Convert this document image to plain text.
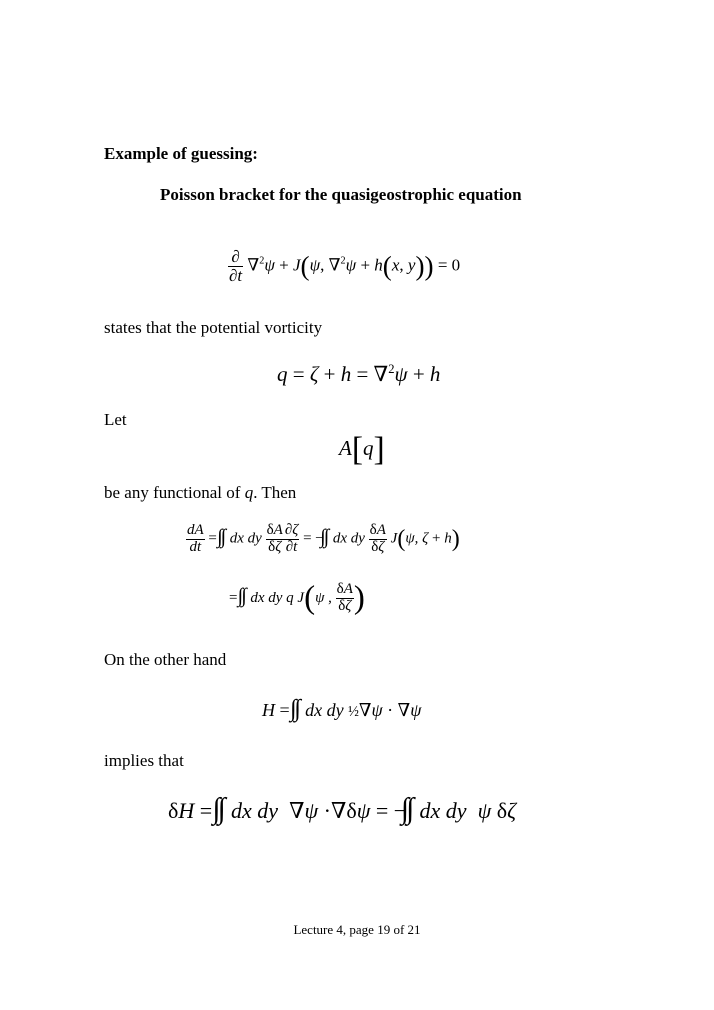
Example of guessing:
Poisson bracket for the quasigeostrophic equation
$\frac{\partial}{\partial t} \nabla^2\psi + J(\psi$, ∇$^2$ψ + h(x, y)) = 0
states that the potential vorticity
q = ζ + h = ∇$^2$ψ + h
Let
A[q]
be any functional of q. Then
$\frac{dA}{dt}$ = dx dy $\frac{\delta A}{\delta\zeta} \frac{\partial\zeta}{\partial t}$ = − dx dy $\frac{\delta A}{\delta\zeta} J(\psi$, ζ + h)
= dx dy q J(ψ , $\frac{\delta A}{\delta\zeta}$ )
On the other hand
H = dx dy ½∇ψ · ∇ψ
implies that
δH = dx dy  ∇ψ ·∇δψ = − dx dy ψ δζ
Lecture 4, page 19 of 21
